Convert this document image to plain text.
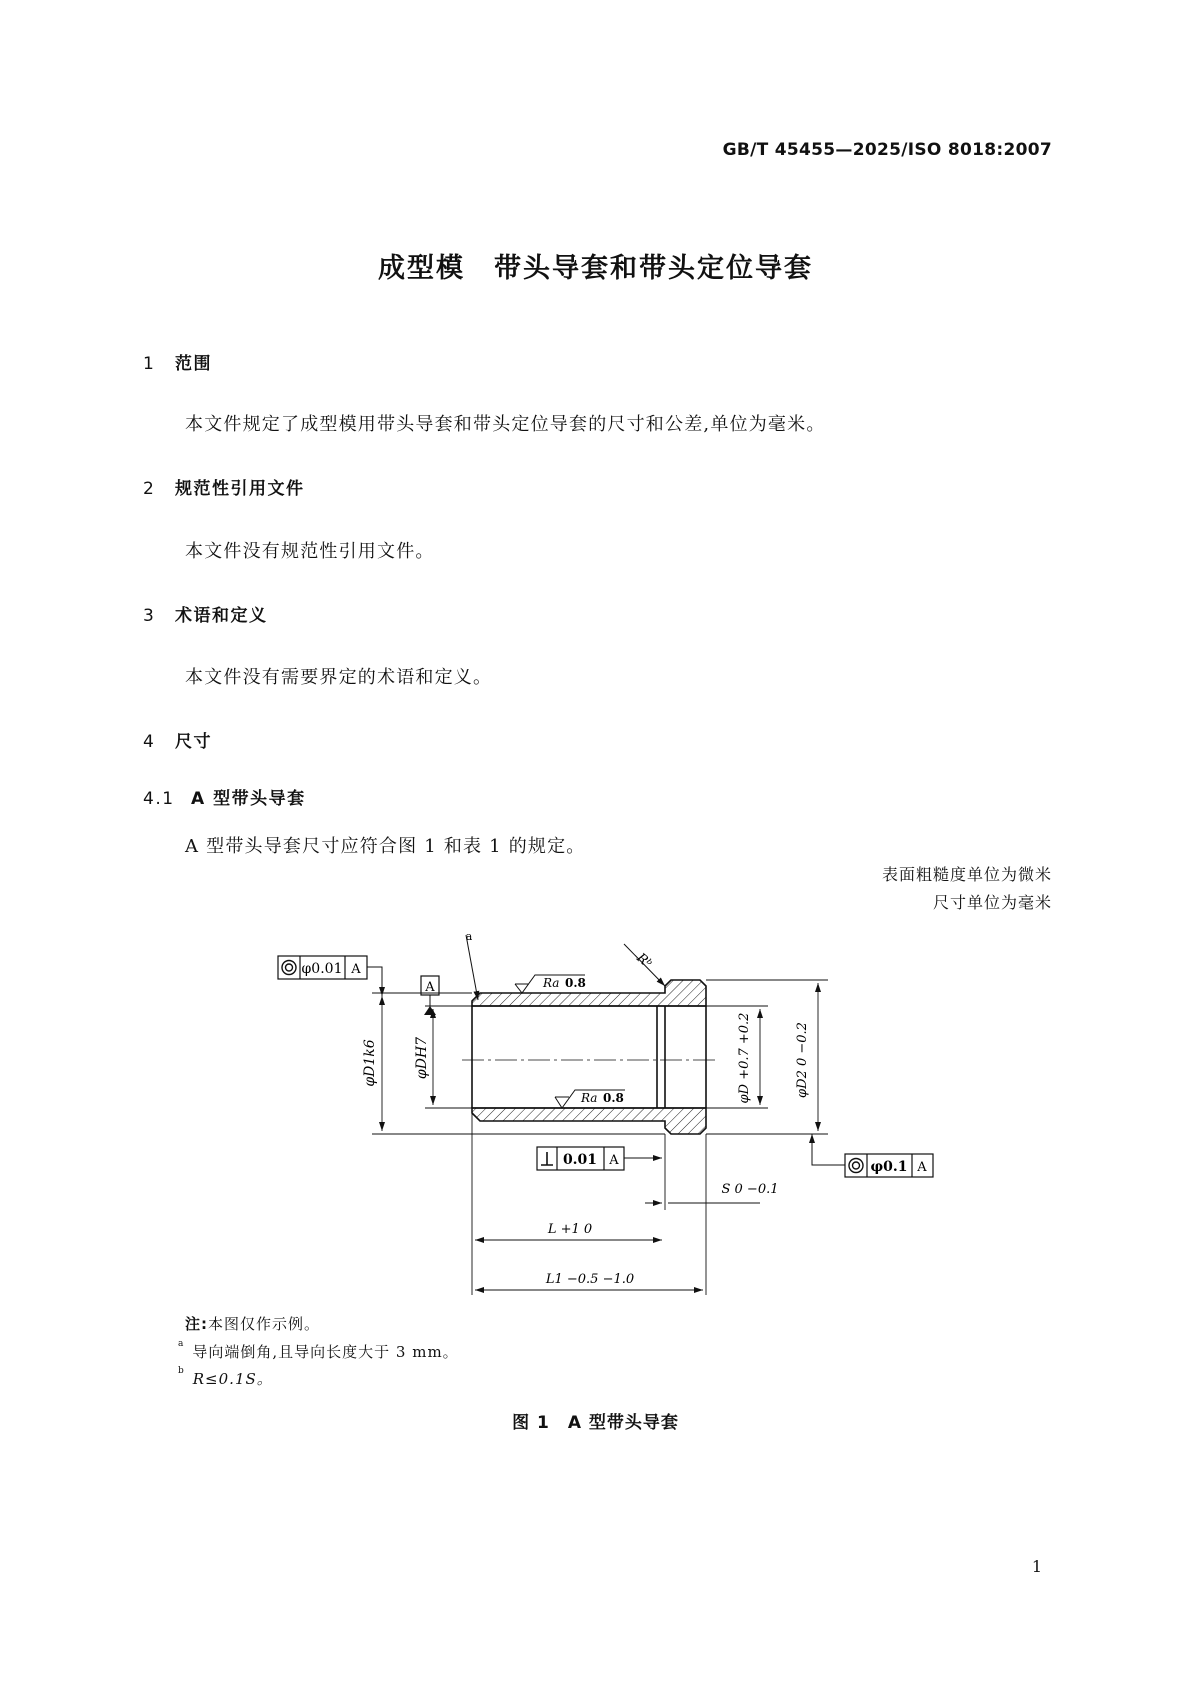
GB/T 45455—2025/ISO 8018:2007
成型模　带头导套和带头定位导套
1 范围
本文件规定了成型模用带头导套和带头定位导套的尺寸和公差,单位为毫米。
2 规范性引用文件
本文件没有规范性引用文件。
3 术语和定义
本文件没有需要界定的术语和定义。
4 尺寸
4.1 A 型带头导套
A 型带头导套尺寸应符合图 1 和表 1 的规定。
表面粗糙度单位为微米
尺寸单位为毫米
a
Rᵇ
φ0.01 A
A	Ra 0.8
Ra 0.8
φD1k6	φDH7	φD +0.7 +0.2	φD2 0 −0.2
0.01 A	φ0.1 A
S 0 −0.1
L +1 0
L1 −0.5 −1.0
注:本图仅作示例。
$^a$ 导向端倒角,且导向长度大于 3 mm。
$^b$ R≤0.1S。
图 1　A 型带头导套
1
